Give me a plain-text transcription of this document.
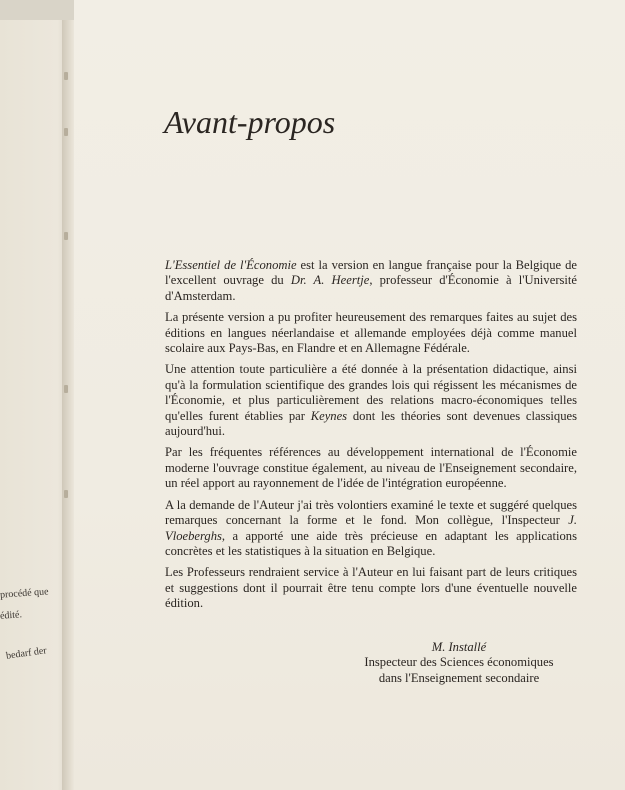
procédé que
édité.
bedarf der
Avant-propos

L'Essentiel de l'Économie est la version en langue française pour la Belgique de l'excellent ouvrage du Dr. A. Heertje, professeur d'Économie à l'Université d'Amsterdam.

La présente version a pu profiter heureusement des remarques faites au sujet des éditions en langues néerlandaise et allemande employées déjà comme manuel scolaire aux Pays-Bas, en Flandre et en Allemagne Fédérale.

Une attention toute particulière a été donnée à la présentation didactique, ainsi qu'à la formulation scientifique des grandes lois qui régissent les mécanismes de l'Économie, et plus particulièrement des relations macro-économiques telles qu'elles furent établies par Keynes dont les théories sont devenues classiques aujourd'hui.

Par les fréquentes références au développement international de l'Économie moderne l'ouvrage constitue également, au niveau de l'Enseignement secondaire, un réel apport au rayonnement de l'idée de l'intégration européenne.

A la demande de l'Auteur j'ai très volontiers examiné le texte et suggéré quelques remarques concernant la forme et le fond. Mon collègue, l'Inspecteur J. Vloeberghs, a apporté une aide très précieuse en adaptant les applications concrètes et les statistiques à la situation en Belgique.

Les Professeurs rendraient service à l'Auteur en lui faisant part de leurs critiques et suggestions dont il pourrait être tenu compte lors d'une éventuelle nouvelle édition.

M. Installé
Inspecteur des Sciences économiques
dans l'Enseignement secondaire
